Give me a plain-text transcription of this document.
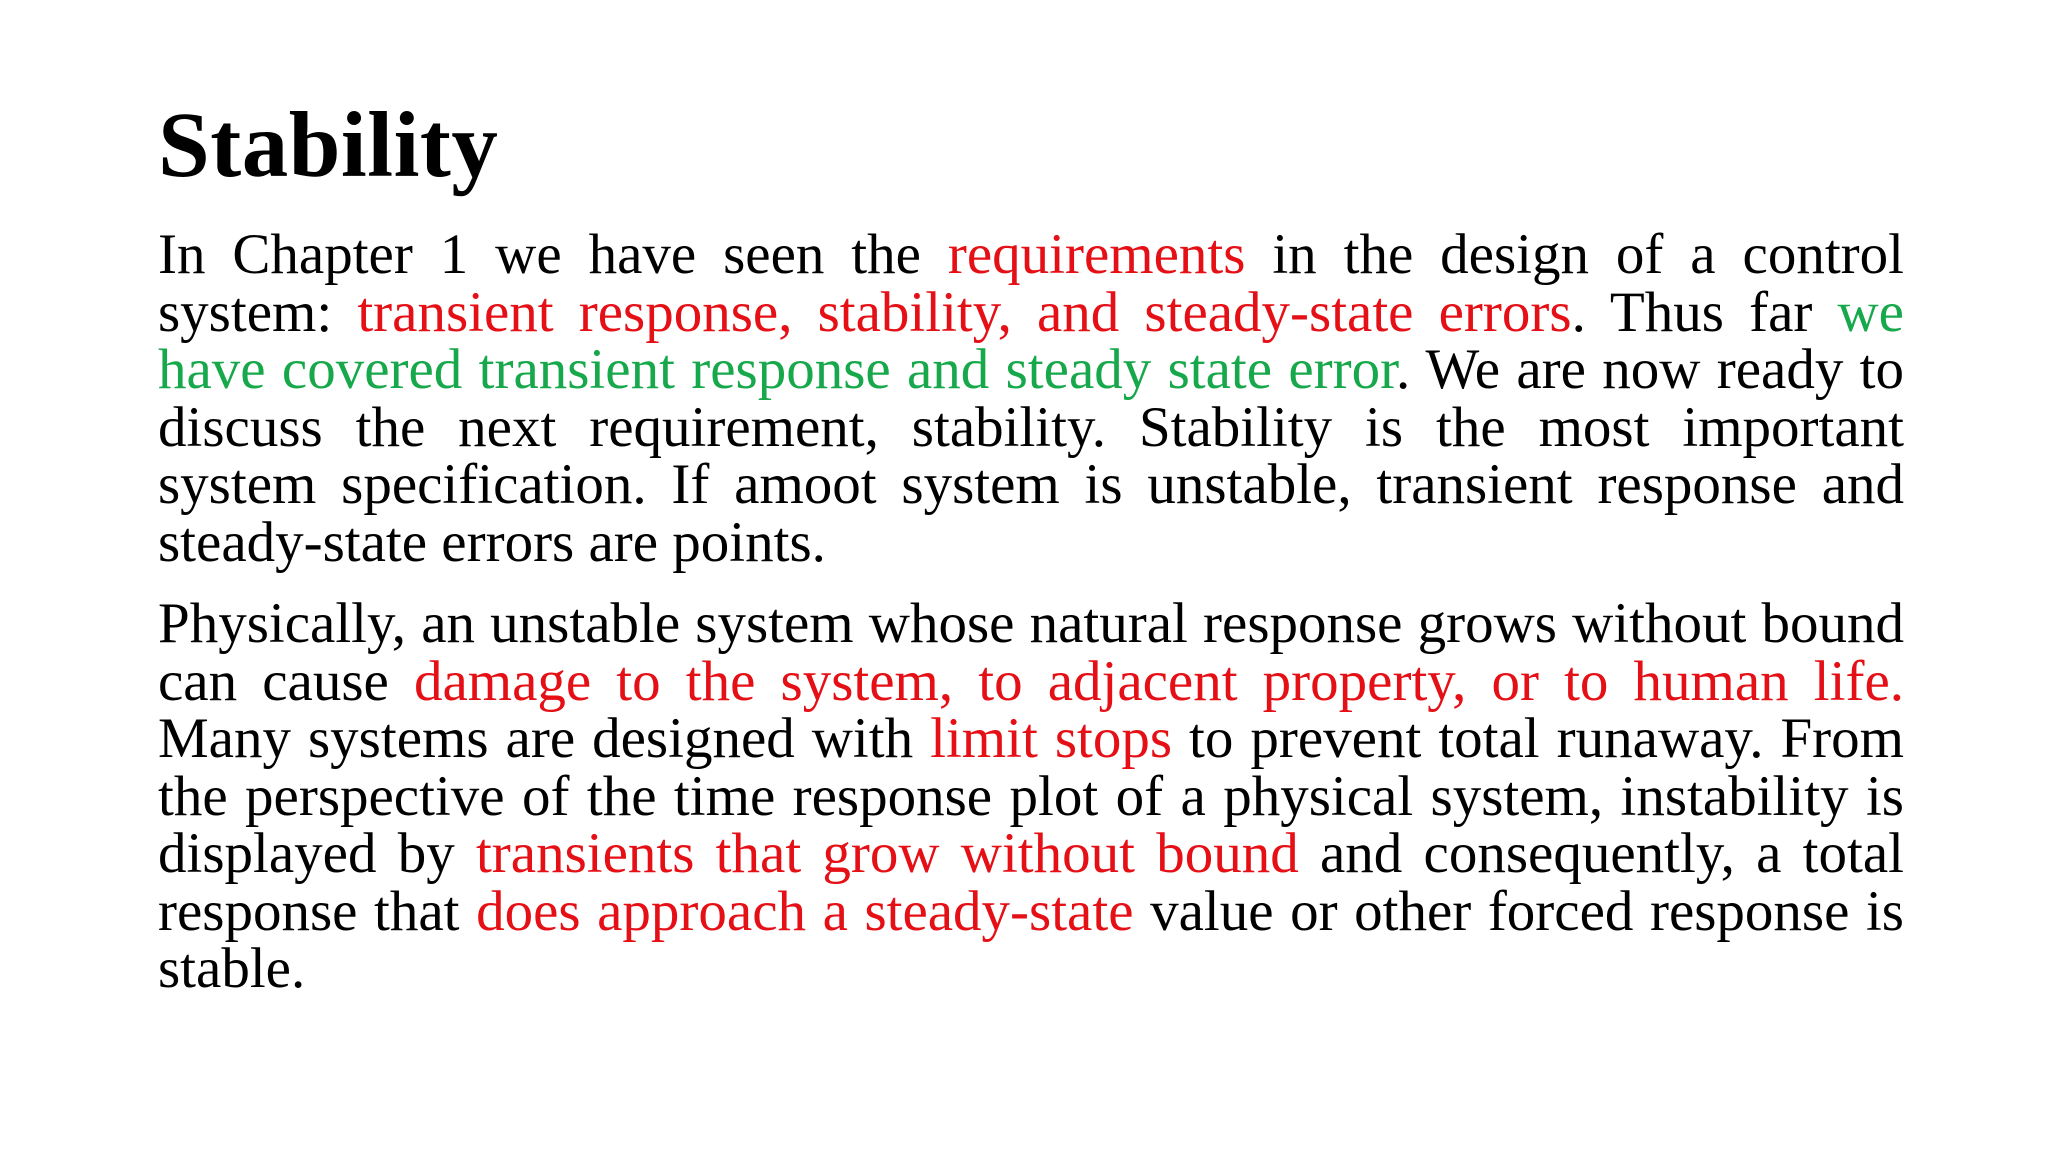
Stability

In Chapter 1 we have seen the requirements in the design of a control system: transient response, stability, and steady-state errors. Thus far we have covered transient response and steady state error. We are now ready to discuss the next requirement, stability. Stability is the most important system specification. If amoot system is unstable, transient response and steady-state errors are points.

Physically, an unstable system whose natural response grows without bound can cause damage to the system, to adjacent property, or to human life. Many systems are designed with limit stops to prevent total runaway. From the perspective of the time response plot of a physical system, instability is displayed by transients that grow without bound and consequently, a total response that does approach a steady-state value or other forced response is stable.
